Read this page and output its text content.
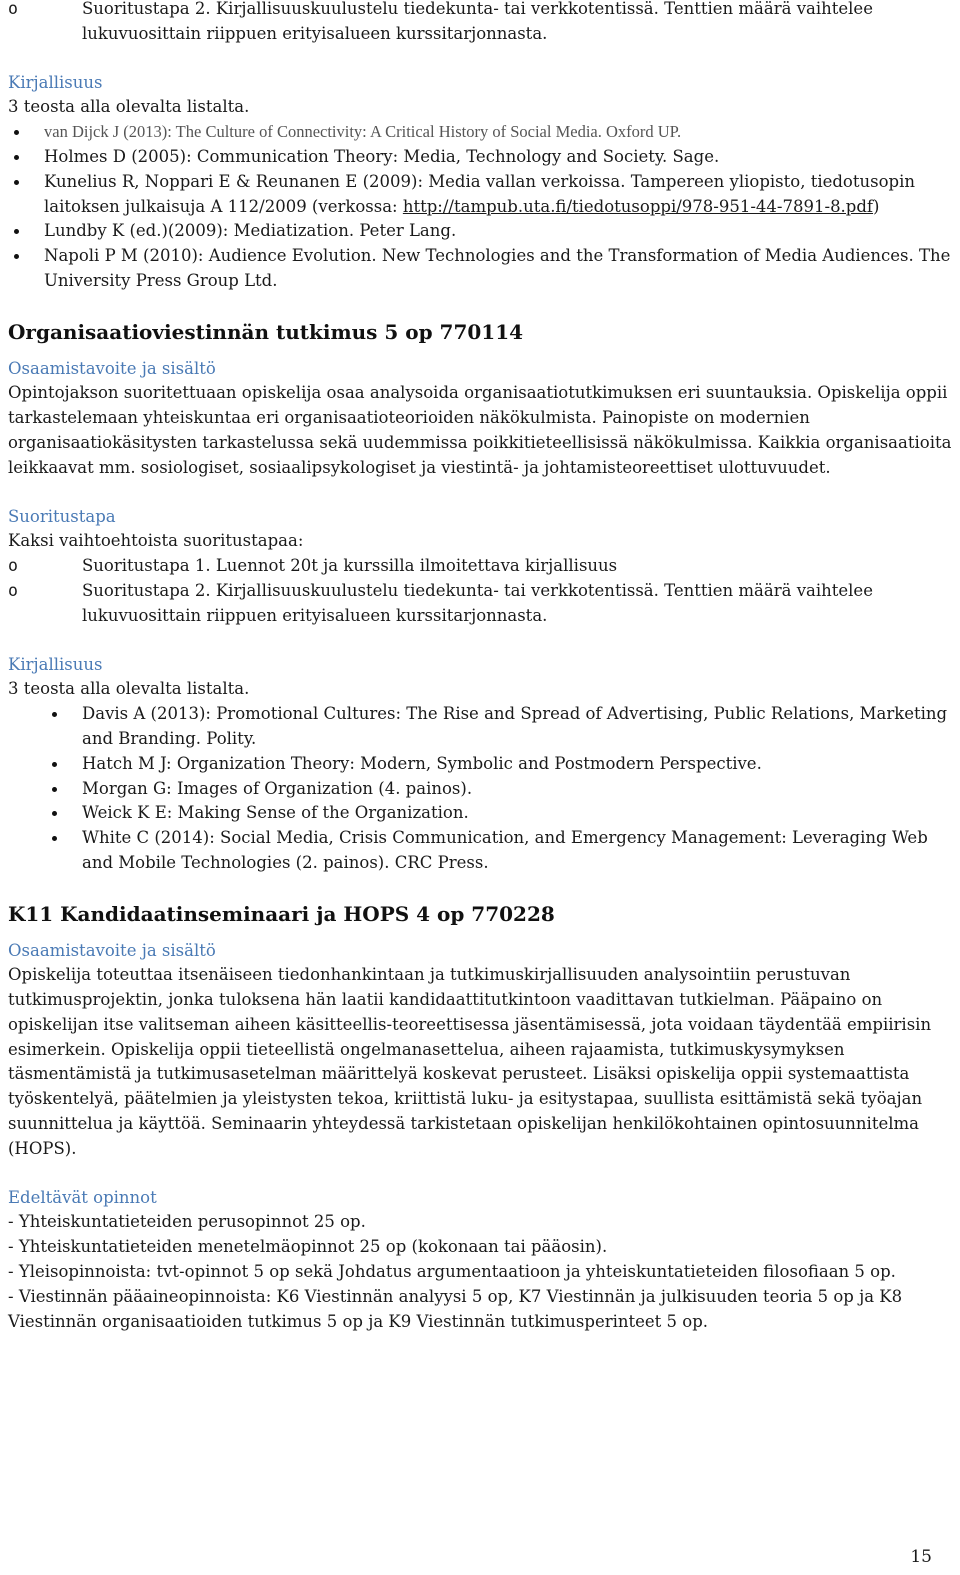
o Suoritustapa 2. Kirjallisuuskuulustelu tiedekunta- tai verkkotentissä. Tenttien määrä vaihtelee lukuvuosittain riippuen erityisalueen kurssitarjonnasta.

Kirjallisuus

3 teosta alla olevalta listalta.

van Dijck J (2013): The Culture of Connectivity: A Critical History of Social Media. Oxford UP.
Holmes D (2005): Communication Theory: Media, Technology and Society. Sage.
Kunelius R, Noppari E & Reunanen E (2009): Media vallan verkoissa. Tampereen yliopisto, tiedotusopin laitoksen julkaisuja A 112/2009 (verkossa: http://tampub.uta.fi/tiedotusoppi/978-951-44-7891-8.pdf)
Lundby K (ed.)(2009): Mediatization. Peter Lang.
Napoli P M (2010): Audience Evolution. New Technologies and the Transformation of Media Audiences. The University Press Group Ltd.
Organisaatioviestinnän tutkimus 5 op 770114

Osaamistavoite ja sisältö

Opintojakson suoritettuaan opiskelija osaa analysoida organisaatiotutkimuksen eri suuntauksia. Opiskelija oppii tarkastelemaan yhteiskuntaa eri organisaatioteorioiden näkökulmista. Painopiste on modernien organisaatiokäsitysten tarkastelussa sekä uudemmissa poikkitieteellisissä näkökulmissa. Kaikkia organisaatioita leikkaavat mm. sosiologiset, sosiaalipsykologiset ja viestintä- ja johtamisteoreettiset ulottuvuudet.

Suoritustapa

Kaksi vaihtoehtoista suoritustapaa:

o Suoritustapa 1. Luennot 20t ja kurssilla ilmoitettava kirjallisuus
o Suoritustapa 2. Kirjallisuuskuulustelu tiedekunta- tai verkkotentissä. Tenttien määrä vaihtelee lukuvuosittain riippuen erityisalueen kurssitarjonnasta.

Kirjallisuus

3 teosta alla olevalta listalta.

Davis A (2013): Promotional Cultures: The Rise and Spread of Advertising, Public Relations, Marketing and Branding. Polity.
Hatch M J: Organization Theory: Modern, Symbolic and Postmodern Perspective.
Morgan G: Images of Organization (4. painos).
Weick K E: Making Sense of the Organization.
White C (2014): Social Media, Crisis Communication, and Emergency Management: Leveraging Web and Mobile Technologies (2. painos). CRC Press.
K11 Kandidaatinseminaari ja HOPS 4 op 770228

Osaamistavoite ja sisältö

Opiskelija toteuttaa itsenäiseen tiedonhankintaan ja tutkimuskirjallisuuden analysointiin perustuvan tutkimusprojektin, jonka tuloksena hän laatii kandidaattitutkintoon vaadittavan tutkielman. Pääpaino on opiskelijan itse valitseman aiheen käsitteellis-teoreettisessa jäsentämisessä, jota voidaan täydentää empiirisin esimerkein. Opiskelija oppii tieteellistä ongelmanasettelua, aiheen rajaamista, tutkimuskysymyksen täsmentämistä ja tutkimusasetelman määrittelyä koskevat perusteet. Lisäksi opiskelija oppii systemaattista työskentelyä, päätelmien ja yleistysten tekoa, kriittistä luku- ja esitystapaa, suullista esittämistä sekä työajan suunnittelua ja käyttöä. Seminaarin yhteydessä tarkistetaan opiskelijan henkilökohtainen opintosuunnitelma (HOPS).

Edeltävät opinnot

- Yhteiskuntatieteiden perusopinnot 25 op.

- Yhteiskuntatieteiden menetelmäopinnot 25 op (kokonaan tai pääosin).

- Yleisopinnoista: tvt-opinnot 5 op sekä Johdatus argumentaatioon ja yhteiskuntatieteiden filosofiaan 5 op.

- Viestinnän pääaineopinnoista: K6 Viestinnän analyysi 5 op, K7 Viestinnän ja julkisuuden teoria 5 op ja K8 Viestinnän organisaatioiden tutkimus 5 op ja K9 Viestinnän tutkimusperinteet 5 op.

15
